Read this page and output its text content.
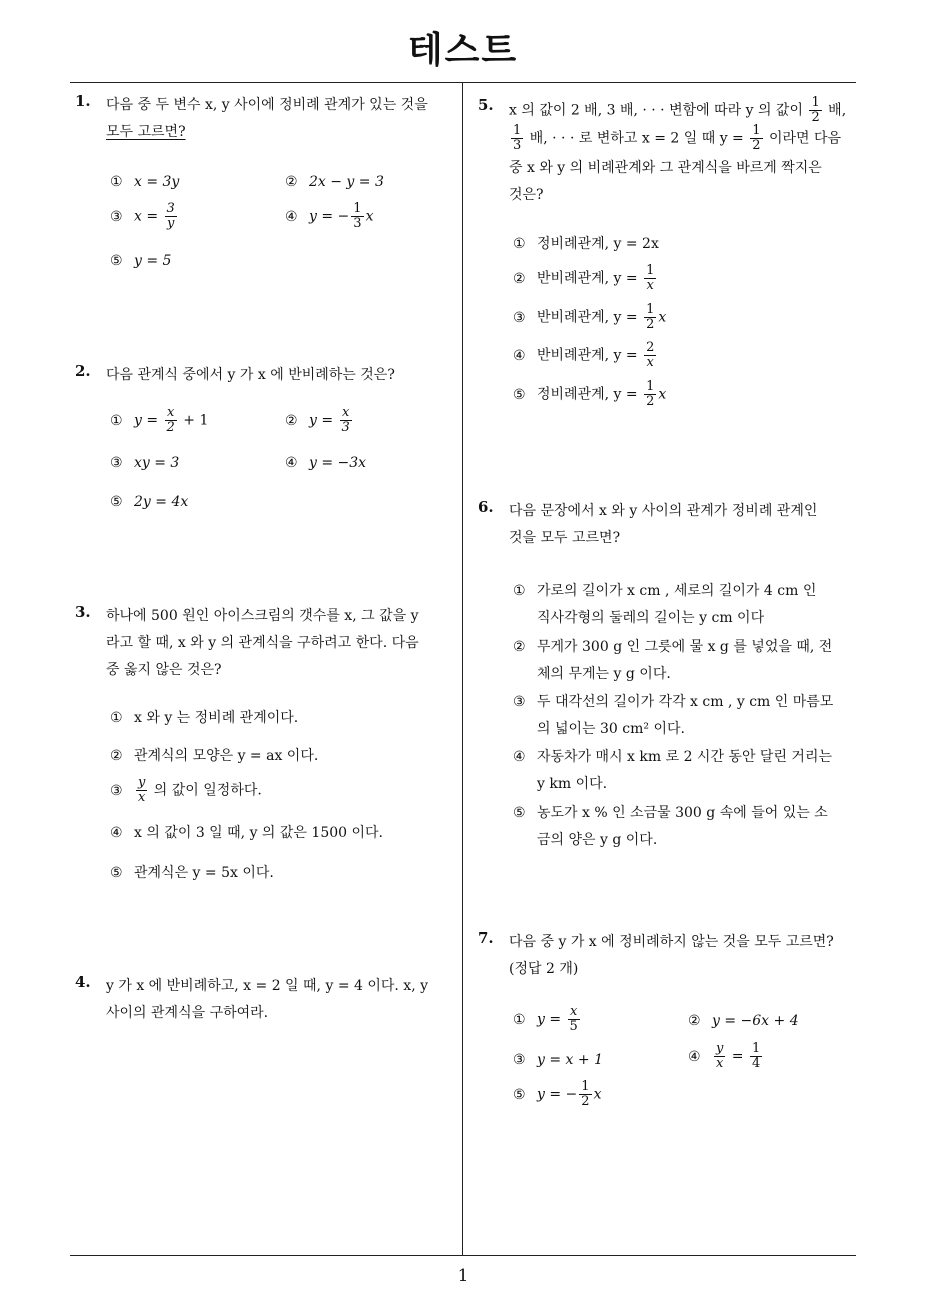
테스트
1
1. 다음 중 두 변수 x, y 사이에 정비례 관계가 있는 것을
모두 고르면?
① x = 3y	② 2x − y = 3
③ $x = \frac{3}{y}$	④ y = − $\frac{1}{3}$ x
⑤ y = 5
2. 다음 관계식 중에서 y 가 x 에 반비례하는 것은?
① $y = \frac{x}{2} + 1$	② $y = \frac{x}{3}$
③ xy = 3	④ y = −3x
⑤ 2y = 4x
3. 하나에 500 원인 아이스크림의 갯수를 x, 그 값을 y
라고 할 때, x 와 y 의 관계식을 구하려고 한다. 다음
중 옳지 않은 것은?
① x 와 y 는 정비례 관계이다.
② 관계식의 모양은 y = ax 이다.
③ $\frac{y}{x}$ 의 값이 일정하다.
④ x 의 값이 3 일 때, y 의 값은 1500 이다.
⑤ 관계식은 y = 5x 이다.
4. y 가 x 에 반비례하고, x = 2 일 때, y = 4 이다. x, y
사이의 관계식을 구하여라.
5. x 의 값이 2 배, 3 배, · · · 변함에 따라 y 의 값이 $\frac{1}{2}$ 배,
$\frac{1}{3}$ 배, · · · 로 변하고 x = 2 일 때 $y = \frac{1}{2}$ 이라면 다음
중 x 와 y 의 비례관계와 그 관계식을 바르게 짝지은
것은?
① 정비례관계, y = 2x
② 반비례관계, $y = \frac{1}{x}$
③ 반비례관계, $y = \frac{1}{2}$ x
④ 반비례관계, $y = \frac{2}{x}$
⑤ 정비례관계, $y = \frac{1}{2}$ x
6. 다음 문장에서 x 와 y 사이의 관계가 정비례 관계인
것을 모두 고르면?
① 가로의 길이가 x cm , 세로의 길이가 4 cm 인
직사각형의 둘레의 길이는 y cm 이다
② 무게가 300 g 인 그릇에 물 x g 를 넣었을 때, 전
체의 무게는 y g 이다.
③ 두 대각선의 길이가 각각 x cm , y cm 인 마름모
의 넓이는 30 cm² 이다.
④ 자동차가 매시 x km 로 2 시간 동안 달린 거리는
y km 이다.
⑤ 농도가 x % 인 소금물 300 g 속에 들어 있는 소
금의 양은 y g 이다.
7. 다음 중 y 가 x 에 정비례하지 않는 것을 모두 고르면?
(정답 2 개)
① $y = \frac{x}{5}$	② y = −6x + 4
③ y = x + 1	④ $\frac{y}{x} = \frac{1}{4}$
⑤ y = − $\frac{1}{2}$ x
